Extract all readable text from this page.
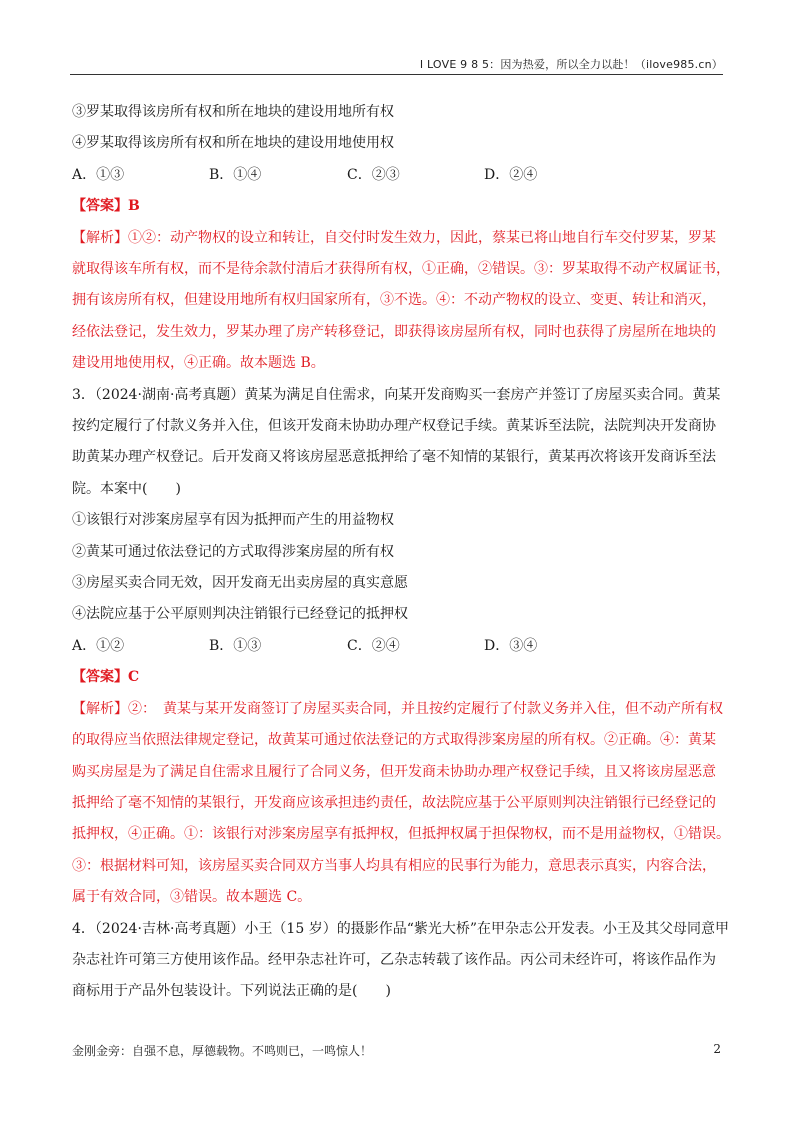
I LOVE 9 8 5：因为热爱，所以全力以赴！（ilove985.cn）
③罗某取得该房所有权和所在地块的建设用地所有权
④罗某取得该房所有权和所在地块的建设用地使用权
A．①③	B．①④	C．②③	D．②④
【答案】B
【解析】①②：动产物权的设立和转让，自交付时发生效力，因此，蔡某已将山地自行车交付罗某，罗某
就取得该车所有权，而不是待余款付清后才获得所有权，①正确，②错误。③：罗某取得不动产权属证书，
拥有该房所有权，但建设用地所有权归国家所有，③不选。④：不动产物权的设立、变更、转让和消灭，
经依法登记，发生效力，罗某办理了房产转移登记，即获得该房屋所有权，同时也获得了房屋所在地块的
建设用地使用权，④正确。故本题选 B。
3．（2024·湖南·高考真题）黄某为满足自住需求，向某开发商购买一套房产并签订了房屋买卖合同。黄某
按约定履行了付款义务并入住，但该开发商未协助办理产权登记手续。黄某诉至法院，法院判决开发商协
助黄某办理产权登记。后开发商又将该房屋恶意抵押给了毫不知情的某银行，黄某再次将该开发商诉至法
院。本案中(　　)
①该银行对涉案房屋享有因为抵押而产生的用益物权
②黄某可通过依法登记的方式取得涉案房屋的所有权
③房屋买卖合同无效，因开发商无出卖房屋的真实意愿
④法院应基于公平原则判决注销银行已经登记的抵押权
A．①②	B．①③	C．②④	D．③④
【答案】C
【解析】②：　黄某与某开发商签订了房屋买卖合同，并且按约定履行了付款义务并入住，但不动产所有权
的取得应当依照法律规定登记，故黄某可通过依法登记的方式取得涉案房屋的所有权。②正确。④：黄某
购买房屋是为了满足自住需求且履行了合同义务，但开发商未协助办理产权登记手续，且又将该房屋恶意
抵押给了毫不知情的某银行，开发商应该承担违约责任，故法院应基于公平原则判决注销银行已经登记的
抵押权，④正确。①：该银行对涉案房屋享有抵押权，但抵押权属于担保物权，而不是用益物权，①错误。
③：根据材料可知，该房屋买卖合同双方当事人均具有相应的民事行为能力，意思表示真实，内容合法，
属于有效合同，③错误。故本题选 C。
4．（2024·吉林·高考真题）小王（15 岁）的摄影作品“紫光大桥”在甲杂志公开发表。小王及其父母同意甲
杂志社许可第三方使用该作品。经甲杂志社许可，乙杂志转载了该作品。丙公司未经许可，将该作品作为
商标用于产品外包装设计。下列说法正确的是(　　)
金刚金旁：自强不息，厚德载物。不鸣则已，一鸣惊人！	2
